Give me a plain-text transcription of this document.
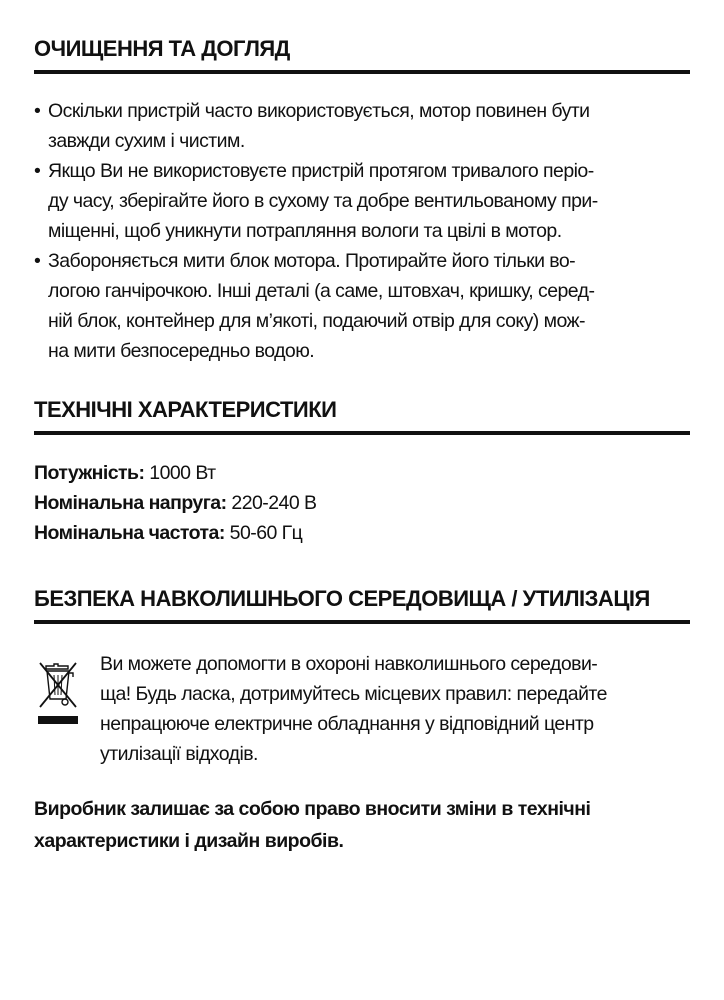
ОЧИЩЕННЯ ТА ДОГЛЯД
• Оскільки пристрій часто використовується, мотор повинен бути
завжди сухим і чистим.
• Якщо Ви не використовуєте пристрій протягом тривалого періо-
ду часу, зберігайте його в сухому та добре вентильованому при-
міщенні, щоб уникнути потрапляння вологи та цвілі в мотор.
• Забороняється мити блок мотора. Протирайте його тільки во-
логою ганчірочкою. Інші деталі (а саме, штовхач, кришку, серед-
ній блок, контейнер для м’якоті, подаючий отвір для соку) мож-
на мити безпосередньо водою.
ТЕХНІЧНІ ХАРАКТЕРИСТИКИ
Потужність: 1000 Вт
Номінальна напруга: 220-240 В
Номінальна частота: 50-60 Гц
БЕЗПЕКА НАВКОЛИШНЬОГО СЕРЕДОВИЩА / УТИЛІЗАЦІЯ
Ви можете допомогти в охороні навколишнього середови-
ща! Будь ласка, дотримуйтесь місцевих правил: передайте
непрацююче електричне обладнання у відповідний центр
утилізації відходів.
Виробник залишає за собою право вносити зміни в технічні
характеристики і дизайн виробів.
